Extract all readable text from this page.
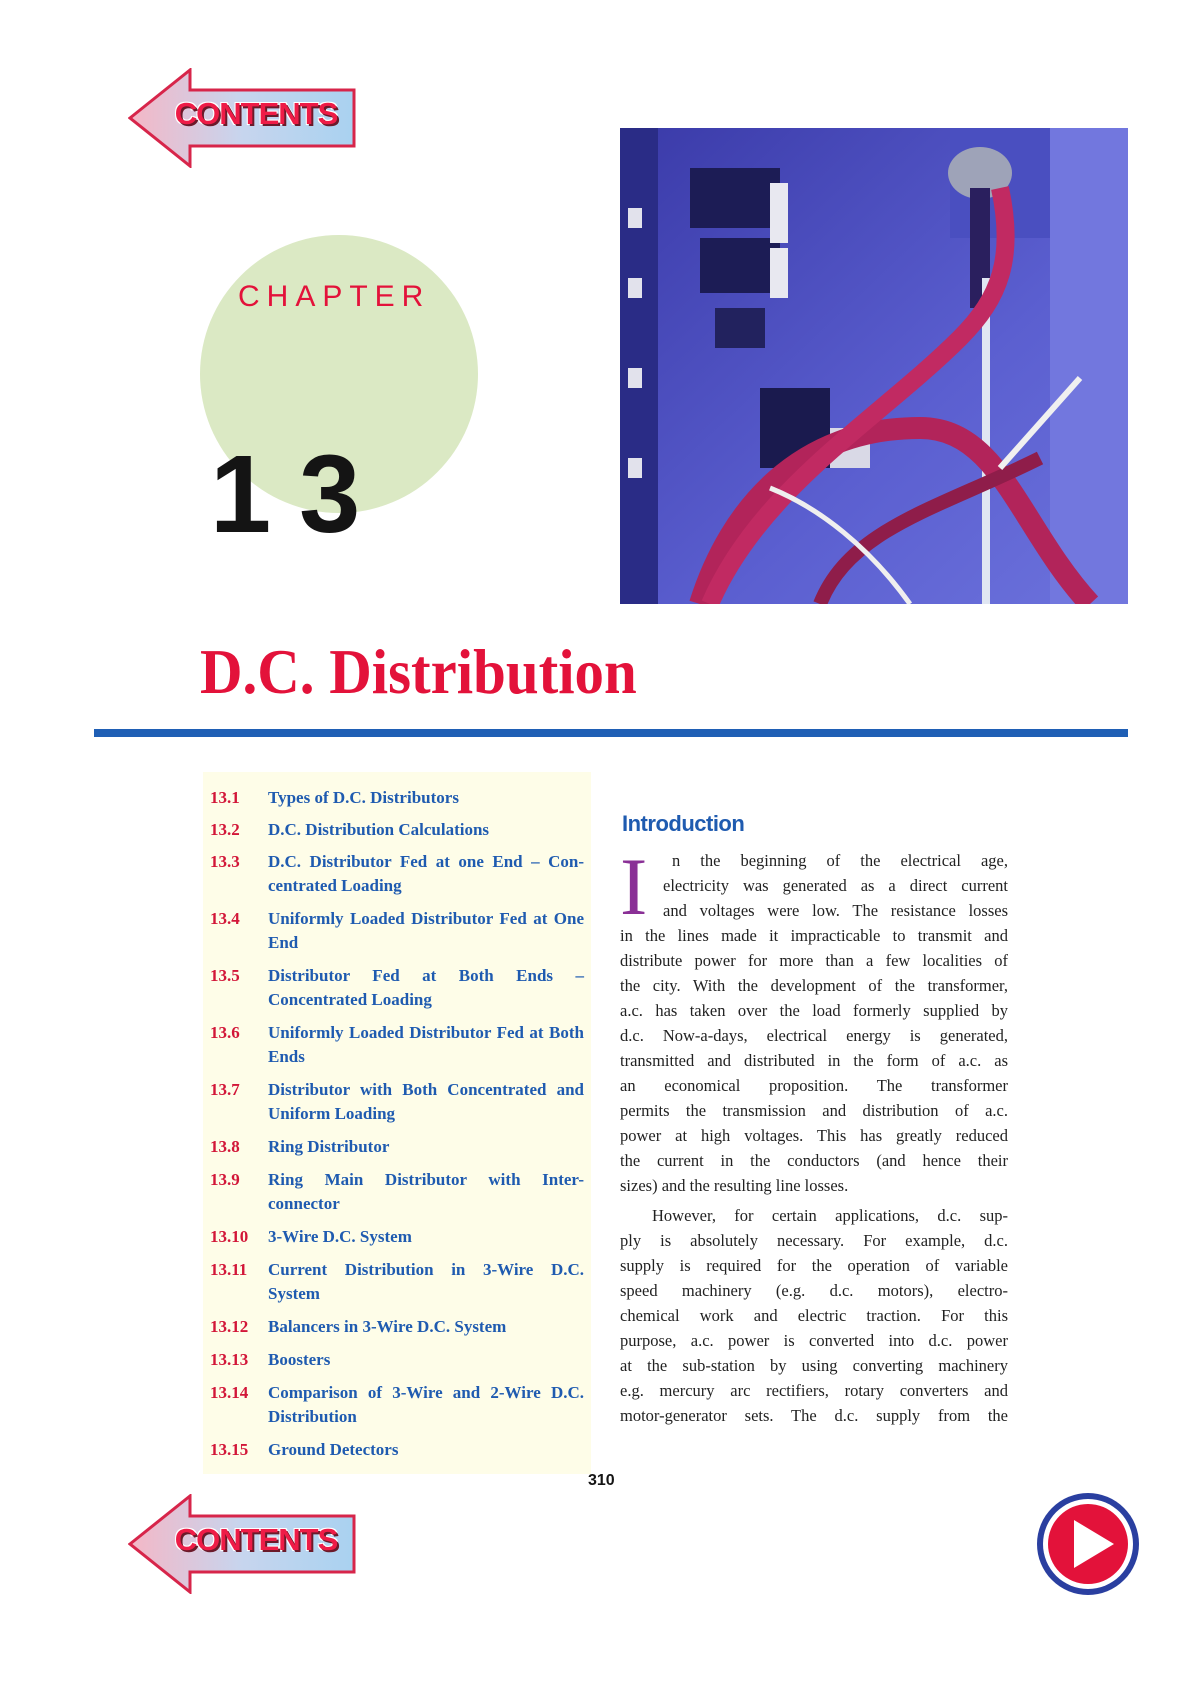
CONTENTS
CHAPTER
13
D.C. Distribution
13.1 Types of D.C. Distributors
13.2 D.C. Distribution Calculations
13.3 D.C. Distributor Fed at one End – Con-centrated Loading
13.4 Uniformly Loaded Distributor Fed at One End
13.5 Distributor Fed at Both Ends – Concentrated Loading
13.6 Uniformly Loaded Distributor Fed at Both Ends
13.7 Distributor with Both Concentrated and Uniform Loading
13.8 Ring Distributor
13.9 Ring Main Distributor with Inter-connector
13.10 3-Wire D.C. System
13.11 Current Distribution in 3-Wire D.C. System
13.12 Balancers in 3-Wire D.C. System
13.13 Boosters
13.14 Comparison of 3-Wire and 2-Wire D.C. Distribution
13.15 Ground Detectors
Introduction
I n the beginning of the electrical age,
electricity was generated as a direct current
and voltages were low. The resistance losses
in the lines made it impracticable to transmit and
distribute power for more than a few localities of
the city. With the development of the transformer,
a.c. has taken over the load formerly supplied by
d.c. Now-a-days, electrical energy is generated,
transmitted and distributed in the form of a.c. as
an economical proposition. The transformer
permits the transmission and distribution of a.c.
power at high voltages. This has greatly reduced
the current in the conductors (and hence their
sizes) and the resulting line losses.
However, for certain applications, d.c. sup-
ply is absolutely necessary. For example, d.c.
supply is required for the operation of variable
speed machinery (e.g. d.c. motors), electro-
chemical work and electric traction. For this
purpose, a.c. power is converted into d.c. power
at the sub-station by using converting machinery
e.g. mercury arc rectifiers, rotary converters and
motor-generator sets. The d.c. supply from the
310
CONTENTS
